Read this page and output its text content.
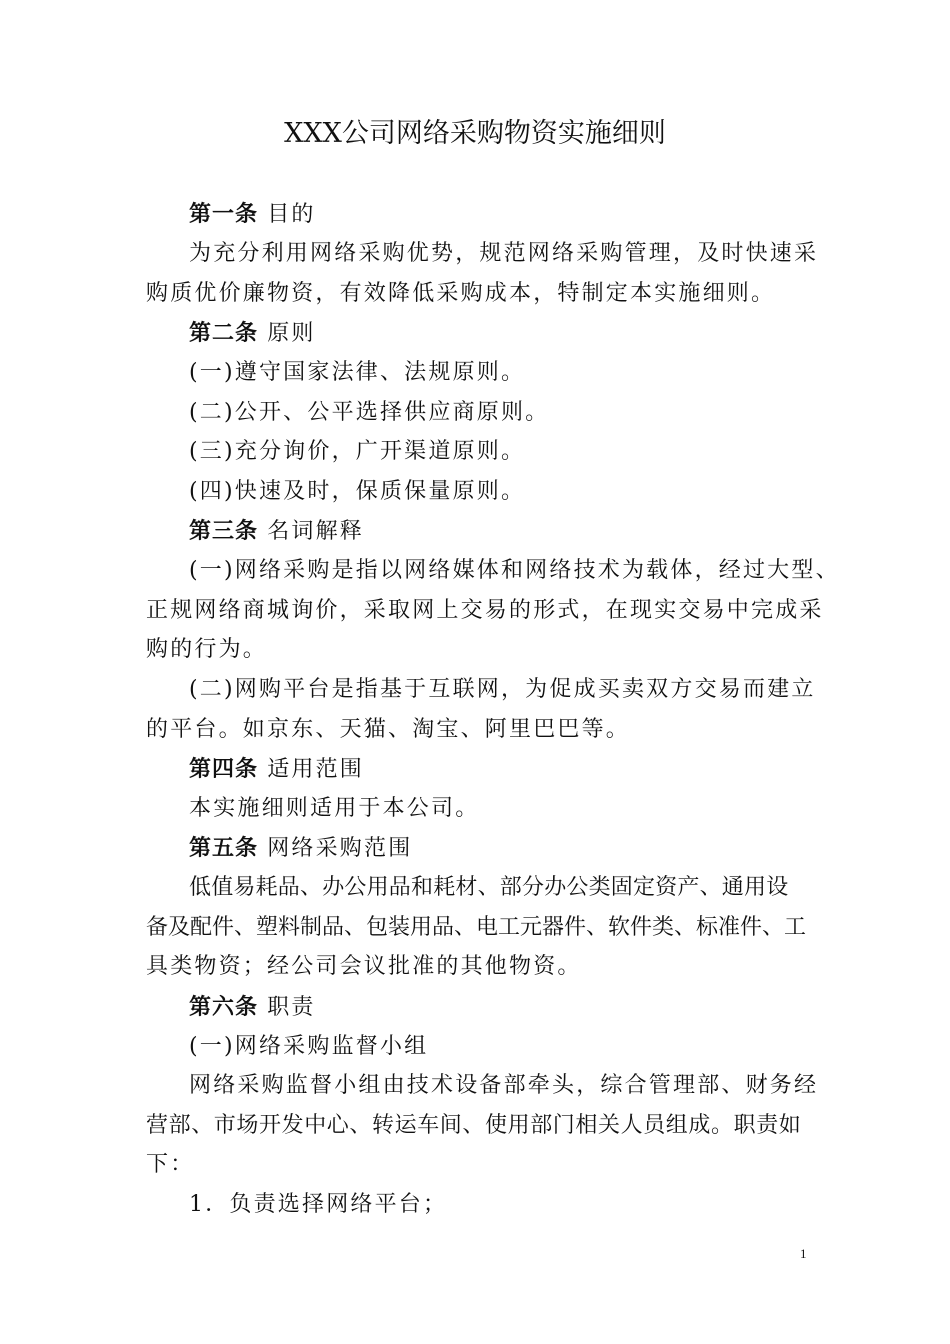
XXX公司网络采购物资实施细则
第一条 目的
为充分利用网络采购优势，规范网络采购管理，及时快速采
购质优价廉物资，有效降低采购成本，特制定本实施细则。
第二条 原则
(一)遵守国家法律、法规原则。
(二)公开、公平选择供应商原则。
(三)充分询价，广开渠道原则。
(四)快速及时，保质保量原则。
第三条 名词解释
(一)网络采购是指以网络媒体和网络技术为载体，经过大型、
正规网络商城询价，采取网上交易的形式，在现实交易中完成采
购的行为。
(二)网购平台是指基于互联网，为促成买卖双方交易而建立
的平台。如京东、天猫、淘宝、阿里巴巴等。
第四条 适用范围
本实施细则适用于本公司。
第五条 网络采购范围
低值易耗品、办公用品和耗材、部分办公类固定资产、通用设
备及配件、塑料制品、包装用品、电工元器件、软件类、标准件、工
具类物资；经公司会议批准的其他物资。
第六条 职责
(一)网络采购监督小组
网络采购监督小组由技术设备部牵头，综合管理部、财务经
营部、市场开发中心、转运车间、使用部门相关人员组成。职责如
下：
1．负责选择网络平台；
1
